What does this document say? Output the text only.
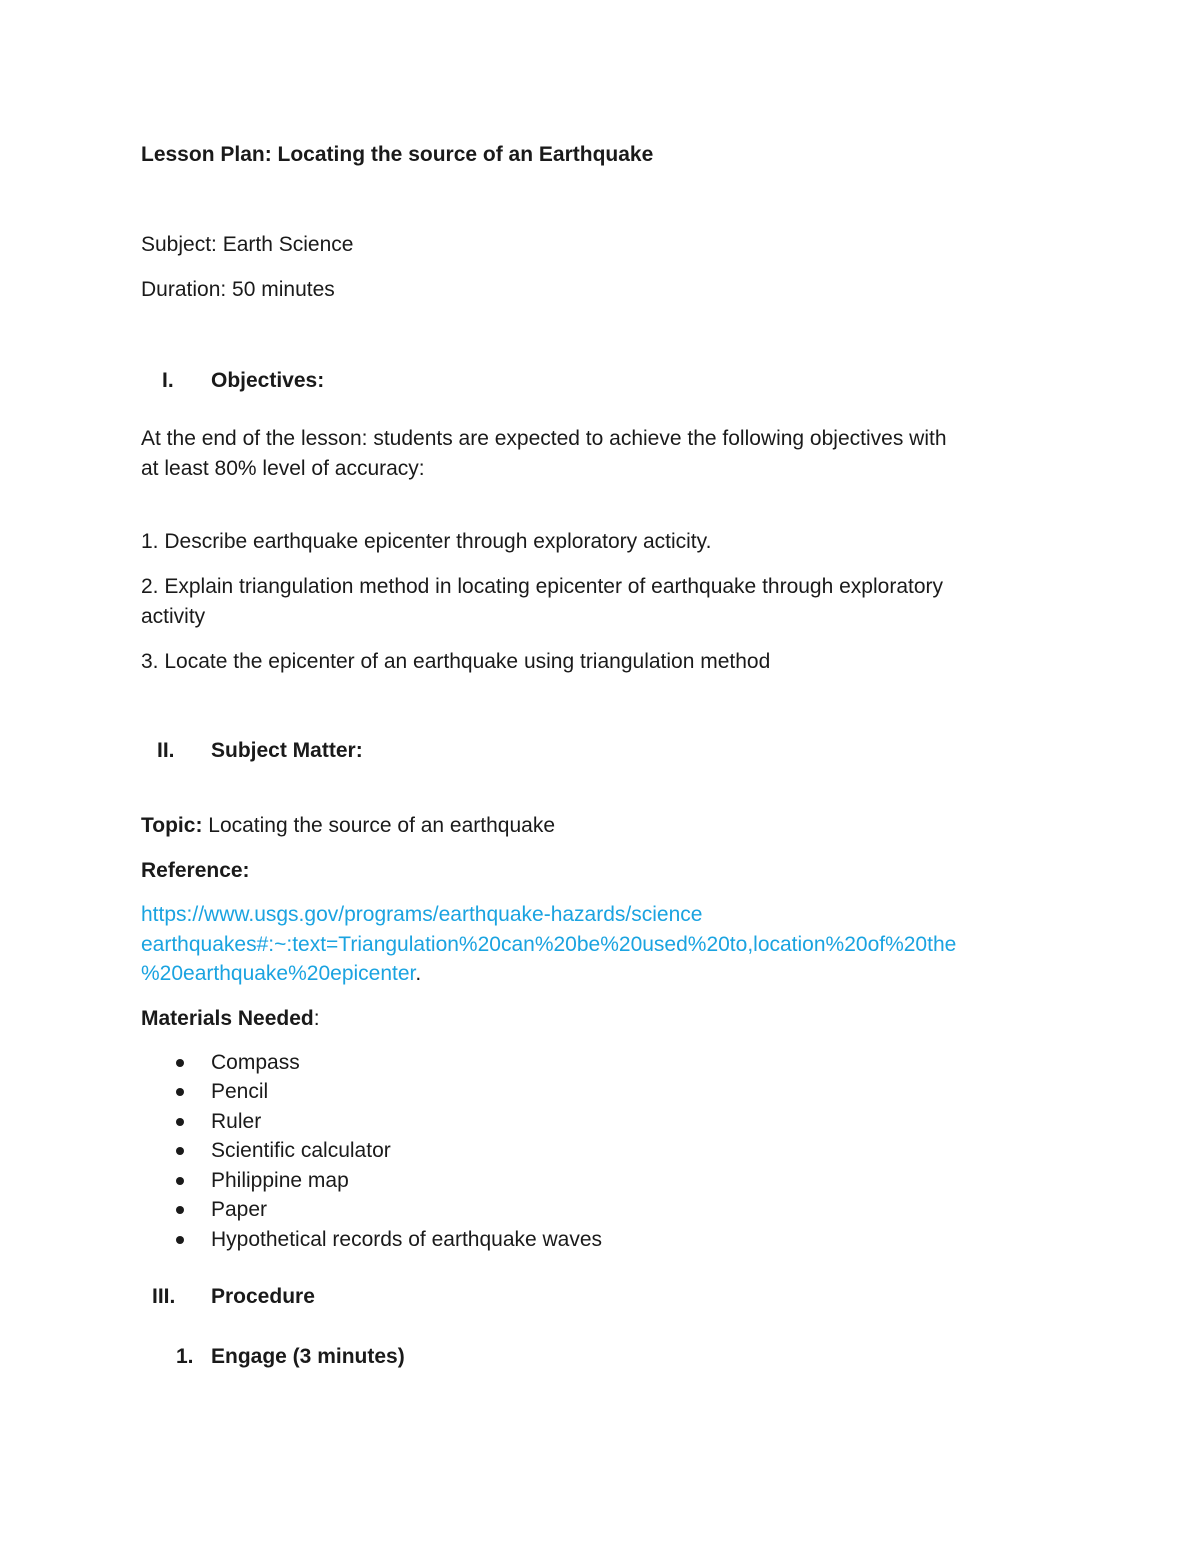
Lesson Plan: Locating the source of an Earthquake
Subject: Earth Science
Duration: 50 minutes
I. Objectives:
At the end of the lesson: students are expected to achieve the following objectives with
at least 80% level of accuracy:
1. Describe earthquake epicenter through exploratory acticity.
2. Explain triangulation method in locating epicenter of earthquake through exploratory
activity
3. Locate the epicenter of an earthquake using triangulation method
II. Subject Matter:
Topic: Locating the source of an earthquake
Reference:
https://www.usgs.gov/programs/earthquake-hazards/science
earthquakes#:~:text=Triangulation%20can%20be%20used%20to,location%20of%20the
%20earthquake%20epicenter.
Materials Needed:
Compass
Pencil
Ruler
Scientific calculator
Philippine map
Paper
Hypothetical records of earthquake waves
III. Procedure
1. Engage (3 minutes)
